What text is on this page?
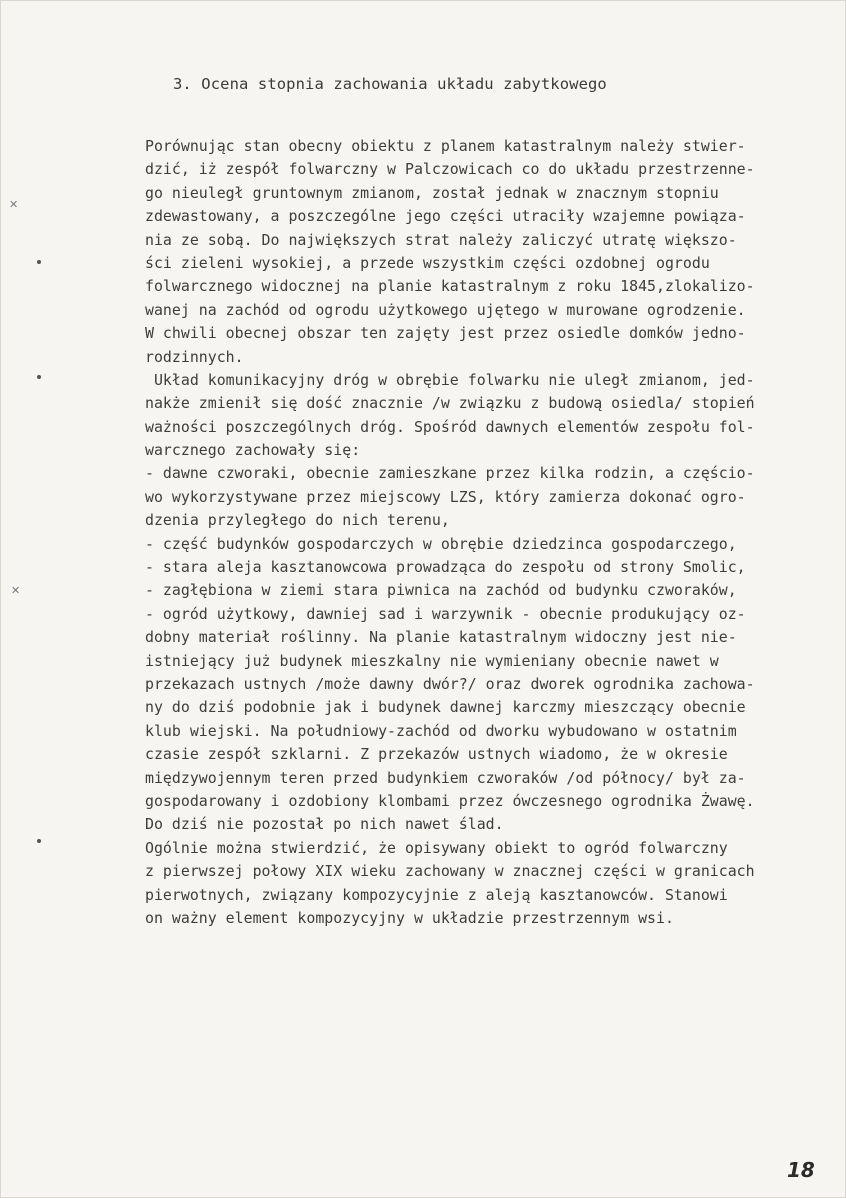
3. Ocena stopnia zachowania układu zabytkowego
Porównując stan obecny obiektu z planem katastralnym należy stwier-
dzić, iż zespół folwarczny w Palczowicach co do układu przestrzenne-
go nieuległ gruntownym zmianom, został jednak w znacznym stopniu
zdewastowany, a poszczególne jego części utraciły wzajemne powiąza-
nia ze sobą. Do największych strat należy zaliczyć utratę większo-
ści zieleni wysokiej, a przede wszystkim części ozdobnej ogrodu
folwarcznego widocznej na planie katastralnym z roku 1845,zlokalizo-
wanej na zachód od ogrodu użytkowego ujętego w murowane ogrodzenie.
W chwili obecnej obszar ten zajęty jest przez osiedle domków jedno-
rodzinnych.
Układ komunikacyjny dróg w obrębie folwarku nie uległ zmianom, jed-
nakże zmienił się dość znacznie /w związku z budową osiedla/ stopień
ważności poszczególnych dróg. Spośród dawnych elementów zespołu fol-
warcznego zachowały się:
- dawne czworaki, obecnie zamieszkane przez kilka rodzin, a częścio-
wo wykorzystywane przez miejscowy LZS, który zamierza dokonać ogro-
dzenia przyległego do nich terenu,
- część budynków gospodarczych w obrębie dziedzinca gospodarczego,
- stara aleja kasztanowcowa prowadząca do zespołu od strony Smolic,
- zagłębiona w ziemi stara piwnica na zachód od budynku czworaków,
- ogród użytkowy, dawniej sad i warzywnik - obecnie produkujący oz-
dobny materiał roślinny. Na planie katastralnym widoczny jest nie-
istniejący już budynek mieszkalny nie wymieniany obecnie nawet w
przekazach ustnych /może dawny dwór?/ oraz dworek ogrodnika zachowa-
ny do dziś podobnie jak i budynek dawnej karczmy mieszczący obecnie
klub wiejski. Na południowy-zachód od dworku wybudowano w ostatnim
czasie zespół szklarni. Z przekazów ustnych wiadomo, że w okresie
międzywojennym teren przed budynkiem czworaków /od północy/ był za-
gospodarowany i ozdobiony klombami przez ówczesnego ogrodnika Żwawę.
Do dziś nie pozostał po nich nawet ślad.
Ogólnie można stwierdzić, że opisywany obiekt to ogród folwarczny
z pierwszej połowy XIX wieku zachowany w znacznej części w granicach
pierwotnych, związany kompozycyjnie z aleją kasztanowców. Stanowi
on ważny element kompozycyjny w układzie przestrzennym wsi.
18
✕
✕
